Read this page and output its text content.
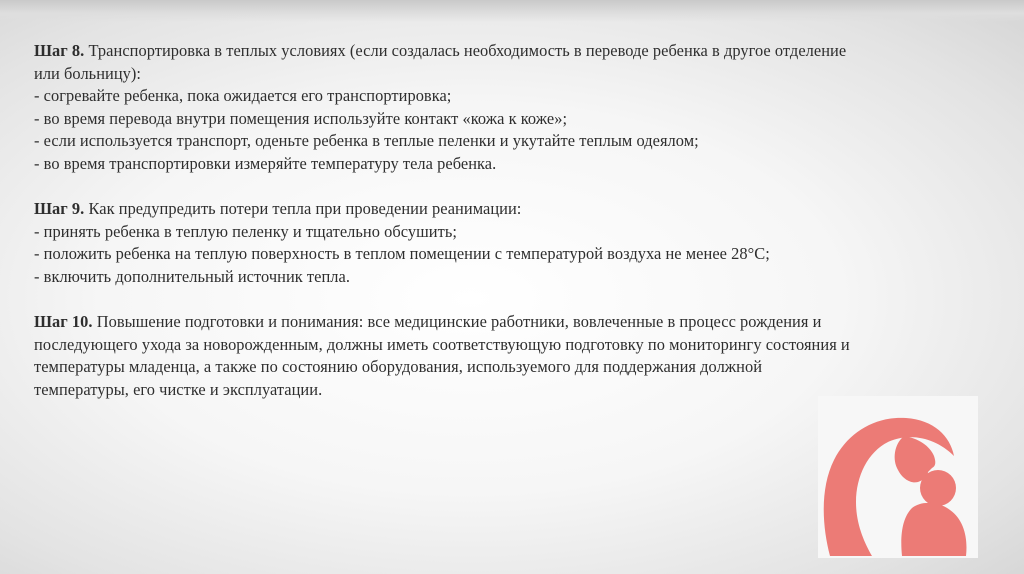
Шаг 8. Транспортировка в теплых условиях (если создалась необходимость в переводе ребенка в другое отделение
или больницу):
- согревайте ребенка, пока ожидается его транспортировка;
- во время перевода внутри помещения используйте контакт «кожа к коже»;
- если используется транспорт, оденьте ребенка в теплые пеленки и укутайте теплым одеялом;
- во время транспортировки измеряйте температуру тела ребенка.
Шаг 9. Как предупредить потери тепла при проведении реанимации:
- принять ребенка в теплую пеленку и тщательно обсушить;
- положить ребенка на теплую поверхность в теплом помещении с температурой воздуха не менее 28°C;
- включить дополнительный источник тепла.
Шаг 10. Повышение подготовки и понимания: все медицинские работники, вовлеченные в процесс рождения и
последующего ухода за новорожденным, должны иметь соответствующую подготовку по мониторингу состояния и
температуры младенца, а также по состоянию оборудования, используемого для поддержания должной
температуры, его чистке и эксплуатации.
